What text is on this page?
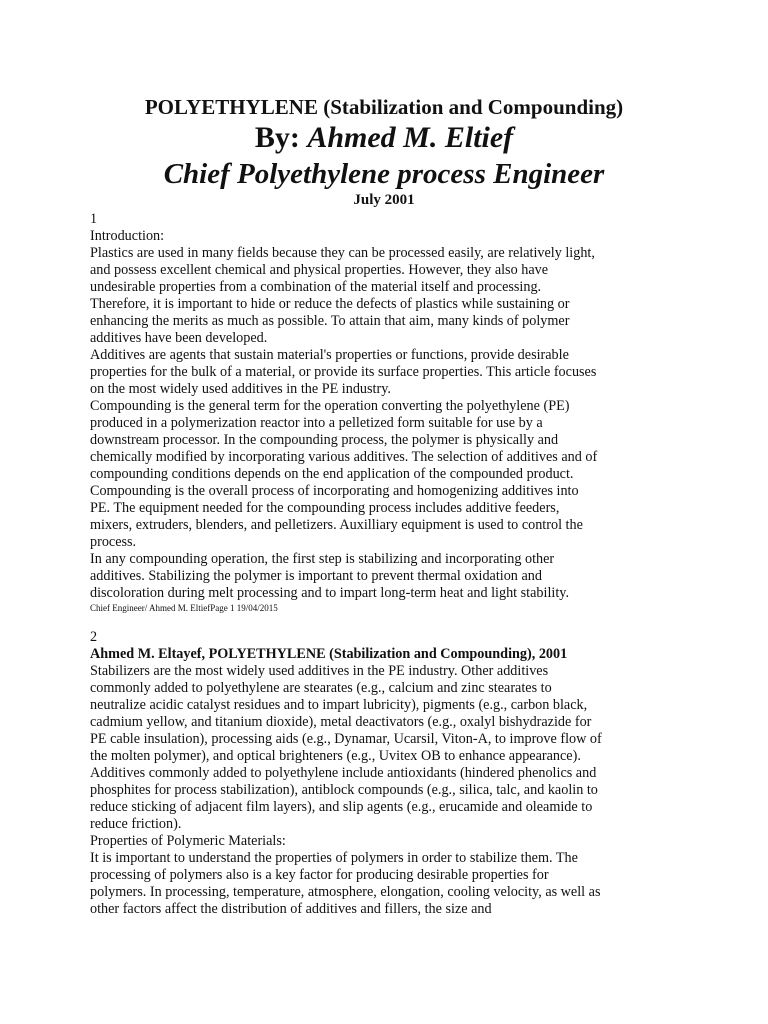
POLYETHYLENE (Stabilization and Compounding)
By: Ahmed M. Eltief
Chief Polyethylene process Engineer
July 2001

1

Introduction:

Plastics are used in many fields because they can be processed easily, are relatively light, and possess excellent chemical and physical properties. However, they also have undesirable properties from a combination of the material itself and processing. Therefore, it is important to hide or reduce the defects of plastics while sustaining or enhancing the merits as much as possible. To attain that aim, many kinds of polymer additives have been developed.

Additives are agents that sustain material's properties or functions, provide desirable properties for the bulk of a material, or provide its surface properties. This article focuses on the most widely used additives in the PE industry.

Compounding is the general term for the operation converting the polyethylene (PE) produced in a polymerization reactor into a pelletized form suitable for use by a downstream processor. In the compounding process, the polymer is physically and chemically modified by incorporating various additives. The selection of additives and of compounding conditions depends on the end application of the compounded product.

Compounding is the overall process of incorporating and homogenizing additives into PE. The equipment needed for the compounding process includes additive feeders, mixers, extruders, blenders, and pelletizers. Auxilliary equipment is used to control the process.

In any compounding operation, the first step is stabilizing and incorporating other additives. Stabilizing the polymer is important to prevent thermal oxidation and discoloration during melt processing and to impart long-term heat and light stability.

Chief Engineer/ Ahmed M. EltiefPage 1 19/04/2015

2

Ahmed M. Eltayef, POLYETHYLENE (Stabilization and Compounding), 2001

Stabilizers are the most widely used additives in the PE industry. Other additives commonly added to polyethylene are stearates (e.g., calcium and zinc stearates to neutralize acidic catalyst residues and to impart lubricity), pigments (e.g., carbon black, cadmium yellow, and titanium dioxide), metal deactivators (e.g., oxalyl bishydrazide for PE cable insulation), processing aids (e.g., Dynamar, Ucarsil, Viton-A, to improve flow of the molten polymer), and optical brighteners (e.g., Uvitex OB to enhance appearance). Additives commonly added to polyethylene include antioxidants (hindered phenolics and phosphites for process stabilization), antiblock compounds (e.g., silica, talc, and kaolin to reduce sticking of adjacent film layers), and slip agents (e.g., erucamide and oleamide to reduce friction).

Properties of Polymeric Materials:

It is important to understand the properties of polymers in order to stabilize them. The processing of polymers also is a key factor for producing desirable properties for polymers. In processing, temperature, atmosphere, elongation, cooling velocity, as well as other factors affect the distribution of additives and fillers, the size and
